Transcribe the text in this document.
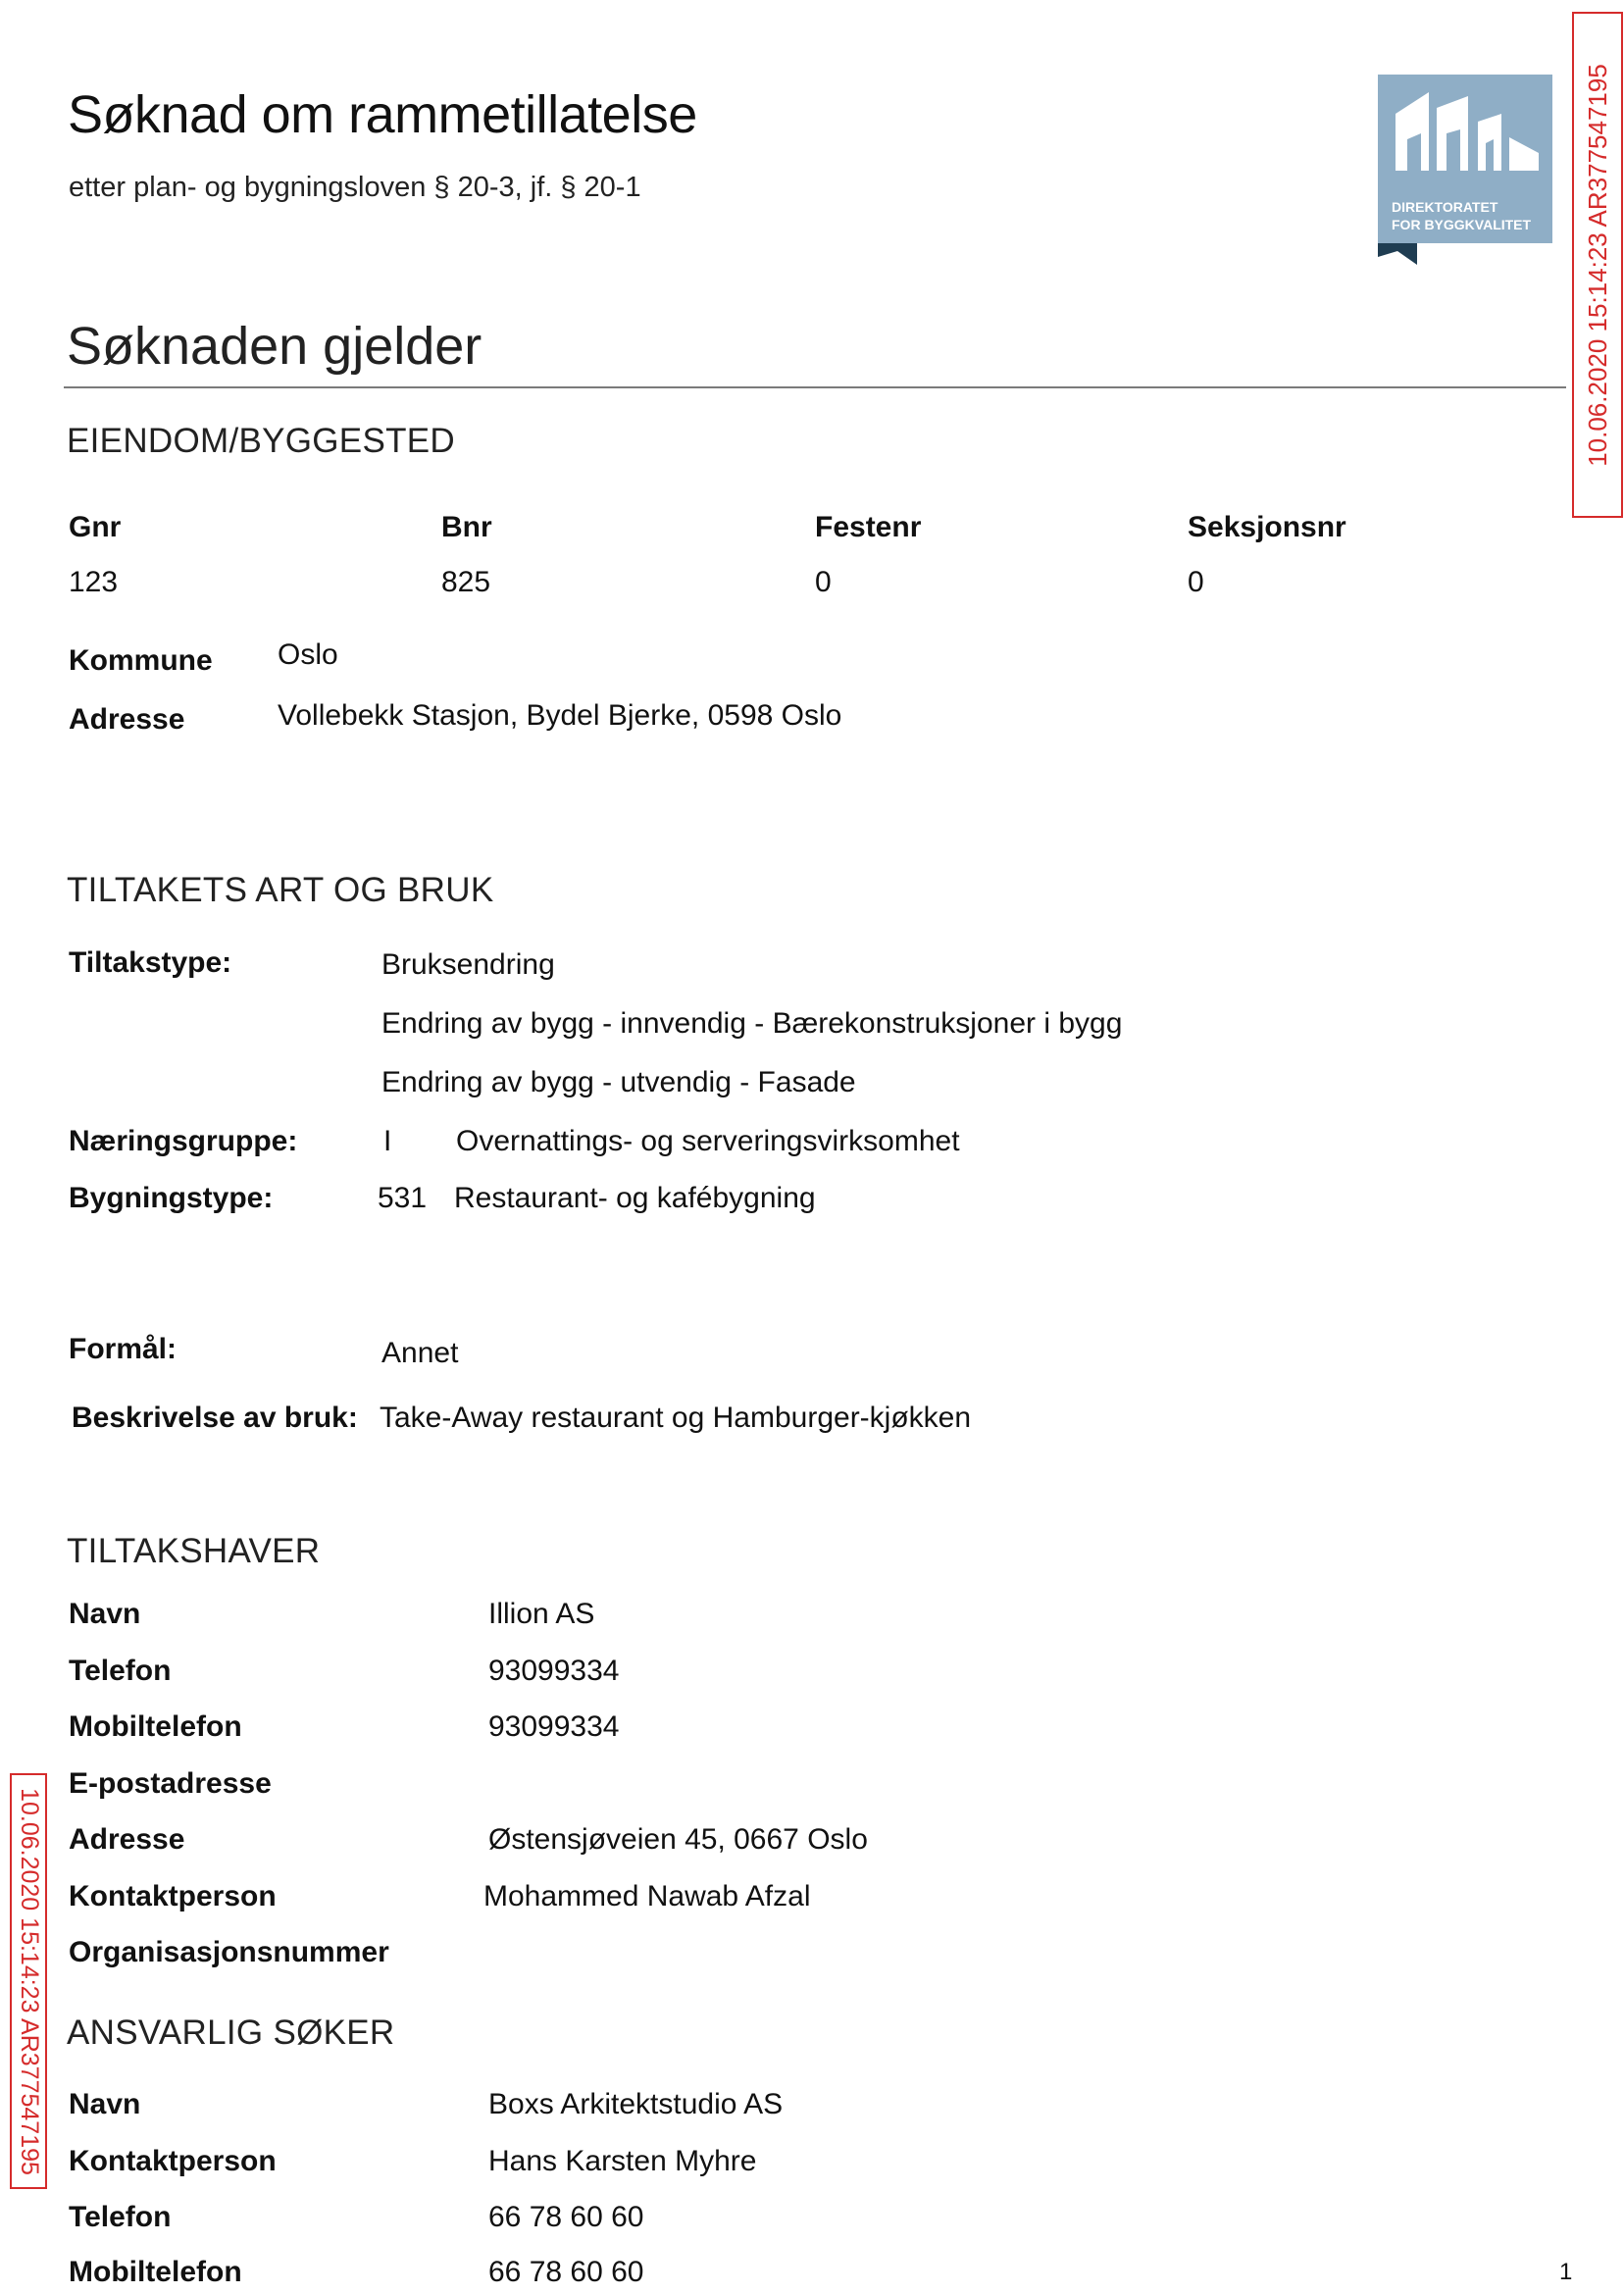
Søknad om rammetillatelse
etter plan- og bygningsloven § 20-3, jf. § 20-1
DIREKTORATET
FOR BYGGKVALITET 10.06.2020 15:14:23 AR377547195
10.06.2020 15:14:23 AR377547195
Søknaden gjelder
EIENDOM/BYGGESTED
Gnr	Bnr	Festenr	Seksjonsnr
123	825	0	0
Kommune Oslo
Adresse	Vollebekk Stasjon, Bydel Bjerke, 0598 Oslo
TILTAKETS ART OG BRUK
Tiltakstype:	Bruksendring
Endring av bygg - innvendig - Bærekonstruksjoner i bygg
Endring av bygg - utvendig - Fasade
Næringsgruppe:	I Overnattings- og serveringsvirksomhet
Bygningstype:	531 Restaurant- og kafébygning
Formål:	Annet
Beskrivelse av bruk: Take-Away restaurant og Hamburger-kjøkken
TILTAKSHAVER
Navn	Illion AS
Telefon	93099334
Mobiltelefon	93099334
E-postadresse
Adresse	Østensjøveien 45, 0667 Oslo
Kontaktperson	Mohammed Nawab Afzal
Organisasjonsnummer
ANSVARLIG SØKER
Navn	Boxs Arkitektstudio AS
Kontaktperson	Hans Karsten Myhre
Telefon	66 78 60 60
Mobiltelefon	66 78 60 60	1
